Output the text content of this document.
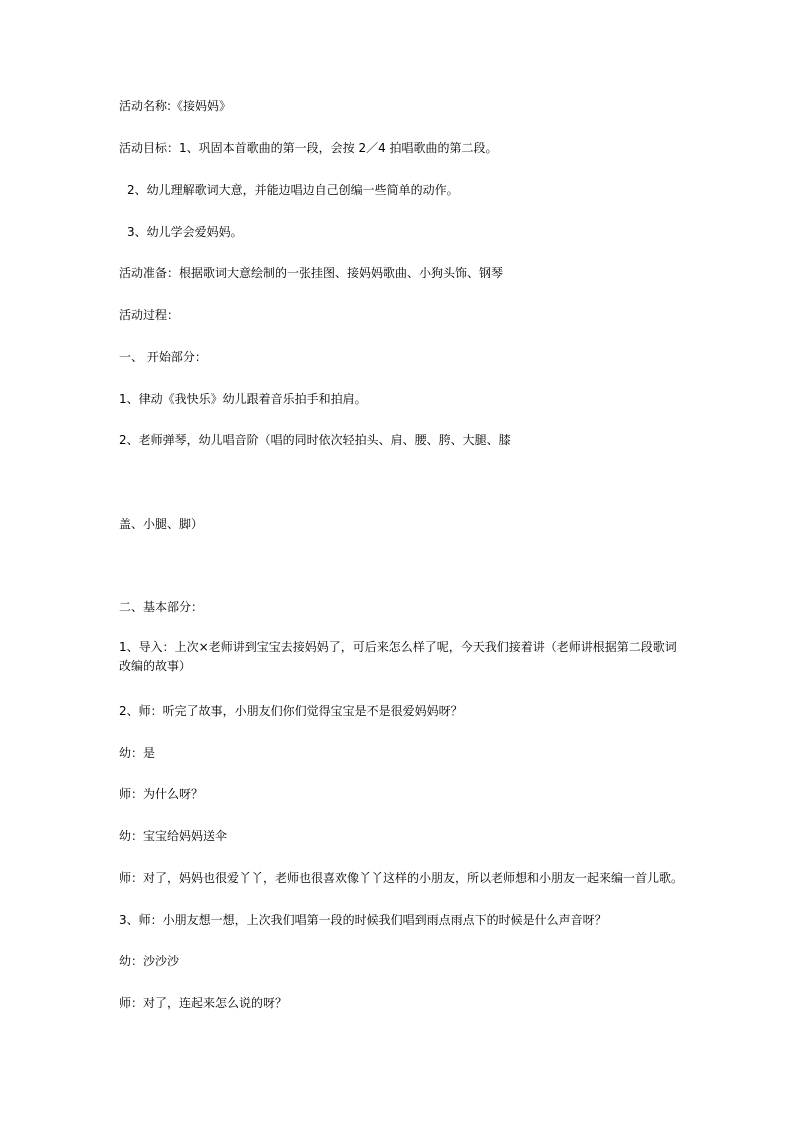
活动名称:《接妈妈》
活动目标：1、巩固本首歌曲的第一段，会按 2／4 拍唱歌曲的第二段。
2、幼儿理解歌词大意，并能边唱边自己创编一些简单的动作。
3、幼儿学会爱妈妈。
活动准备：根据歌词大意绘制的一张挂图、接妈妈歌曲、小狗头饰、钢琴
活动过程：
一、 开始部分：
1、律动《我快乐》幼儿跟着音乐拍手和拍肩。
2、老师弹琴，幼儿唱音阶（唱的同时依次轻拍头、肩、腰、胯、大腿、膝
盖、小腿、脚）
二、基本部分：
1、导入：上次×老师讲到宝宝去接妈妈了，可后来怎么样了呢，今天我们接着讲（老师讲根据第二段歌词改编的故事）
2、师：听完了故事，小朋友们你们觉得宝宝是不是很爱妈妈呀？
幼：是
师：为什么呀？
幼：宝宝给妈妈送伞
师：对了，妈妈也很爱丫丫，老师也很喜欢像丫丫这样的小朋友，所以老师想和小朋友一起来编一首儿歌。
3、师：小朋友想一想，上次我们唱第一段的时候我们唱到雨点雨点下的时候是什么声音呀？
幼：沙沙沙
师：对了，连起来怎么说的呀？
